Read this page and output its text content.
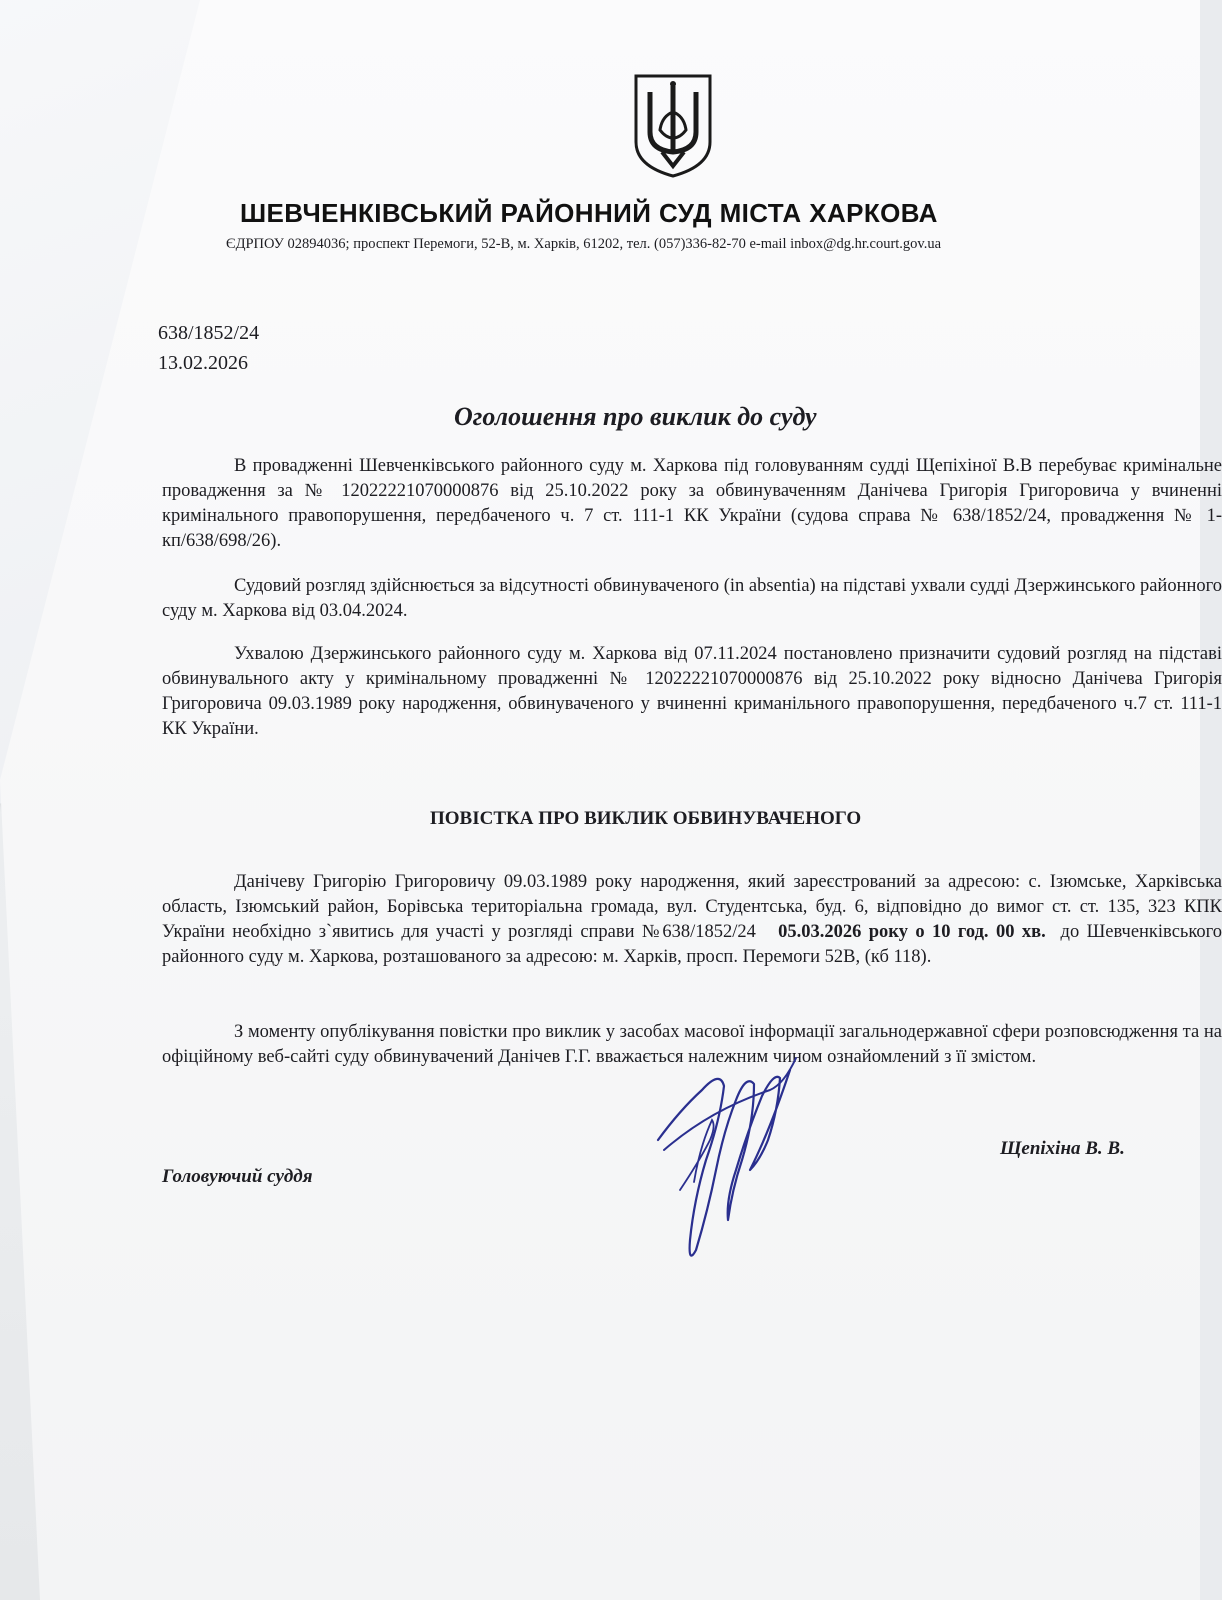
ШЕВЧЕНКІВСЬКИЙ РАЙОННИЙ СУД МІСТА ХАРКОВА
ЄДРПОУ 02894036; проспект Перемоги, 52-В, м. Харків, 61202, тел. (057)336-82-70 e-mail inbox@dg.hr.court.gov.ua
638/1852/24
13.02.2026
Оголошення про виклик до суду
В провадженні Шевченківського районного суду м. Харкова під головуванням судді Щепіхіної В.В перебуває кримінальне провадження за № 12022221070000876 від 25.10.2022 року за обвинуваченням Данічева Григорія Григоровича у вчиненні кримінального правопорушення, передбаченого ч. 7 ст. 111-1 КК України (судова справа № 638/1852/24, провадження № 1-кп/638/698/26).
Судовий розгляд здійснюється за відсутності обвинуваченого (in absentia) на підставі ухвали судді Дзержинського районного суду м. Харкова від 03.04.2024.
Ухвалою Дзержинського районного суду м. Харкова від 07.11.2024 постановлено призначити судовий розгляд на підставі обвинувального акту у кримінальному провадженні № 12022221070000876 від 25.10.2022 року відносно Данічева Григорія Григоровича 09.03.1989 року народження, обвинуваченого у вчиненні криманільного правопорушення, передбаченого ч.7 ст. 111-1 КК України.
ПОВІСТКА ПРО ВИКЛИК ОБВИНУВАЧЕНОГО
Данічеву Григорію Григоровичу 09.03.1989 року народження, який зареєстрований за адресою: с. Ізюмське, Харківська область, Ізюмський район, Борівська територіальна громада, вул. Студентська, буд. 6, відповідно до вимог ст. ст. 135, 323 КПК України необхідно з`явитись для участі у розгляді справи №638/1852/24 05.03.2026 року о 10 год. 00 хв. до Шевченківського районного суду м. Харкова, розташованого за адресою: м. Харків, просп. Перемоги 52В, (кб 118).
З моменту опублікування повістки про виклик у засобах масової інформації загальнодержавної сфери розповсюдження та на офіційному веб-сайті суду обвинувачений Данічев Г.Г. вважається належним чином ознайомлений з її змістом.
Щепіхіна В. В.
Головуючий суддя
